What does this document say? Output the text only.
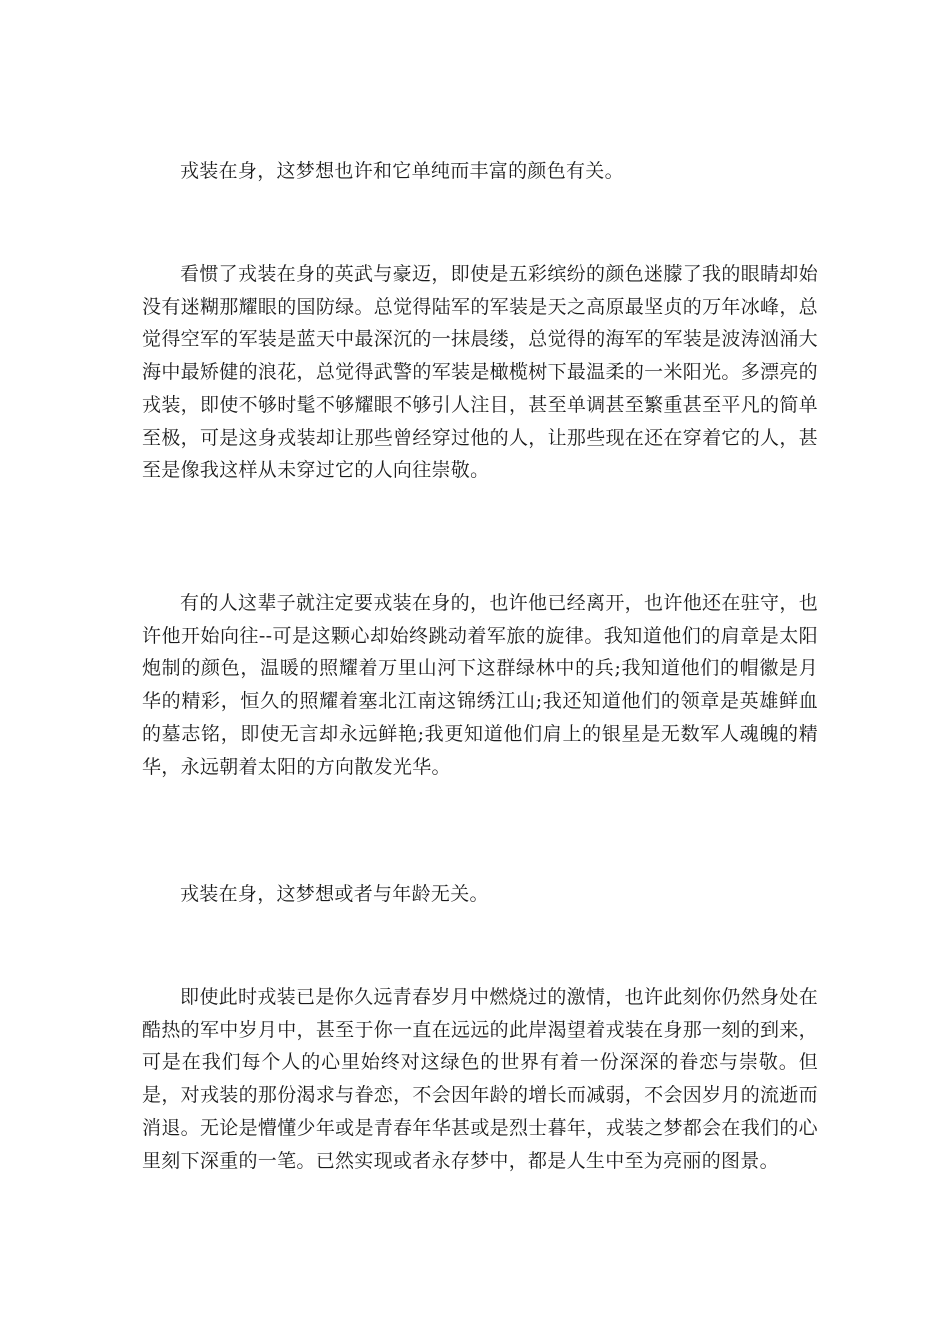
戎装在身，这梦想也许和它单纯而丰富的颜色有关。

看惯了戎装在身的英武与豪迈，即使是五彩缤纷的颜色迷朦了我的眼睛却始没有迷糊那耀眼的国防绿。总觉得陆军的军装是天之高原最坚贞的万年冰峰，总觉得空军的军装是蓝天中最深沉的一抹晨缕，总觉得的海军的军装是波涛汹涌大海中最矫健的浪花，总觉得武警的军装是橄榄树下最温柔的一米阳光。多漂亮的戎装，即使不够时髦不够耀眼不够引人注目，甚至单调甚至繁重甚至平凡的简单至极，可是这身戎装却让那些曾经穿过他的人，让那些现在还在穿着它的人，甚至是像我这样从未穿过它的人向往崇敬。

有的人这辈子就注定要戎装在身的，也许他已经离开，也许他还在驻守，也许他开始向往--可是这颗心却始终跳动着军旅的旋律。我知道他们的肩章是太阳炮制的颜色，温暖的照耀着万里山河下这群绿林中的兵;我知道他们的帽徽是月华的精彩，恒久的照耀着塞北江南这锦绣江山;我还知道他们的领章是英雄鲜血的墓志铭，即使无言却永远鲜艳;我更知道他们肩上的银星是无数军人魂魄的精华，永远朝着太阳的方向散发光华。

戎装在身，这梦想或者与年龄无关。

即使此时戎装已是你久远青春岁月中燃烧过的激情，也许此刻你仍然身处在酷热的军中岁月中，甚至于你一直在远远的此岸渴望着戎装在身那一刻的到来，可是在我们每个人的心里始终对这绿色的世界有着一份深深的眷恋与崇敬。但是，对戎装的那份渴求与眷恋，不会因年龄的增长而减弱，不会因岁月的流逝而消退。无论是懵懂少年或是青春年华甚或是烈士暮年，戎装之梦都会在我们的心里刻下深重的一笔。已然实现或者永存梦中，都是人生中至为亮丽的图景。
